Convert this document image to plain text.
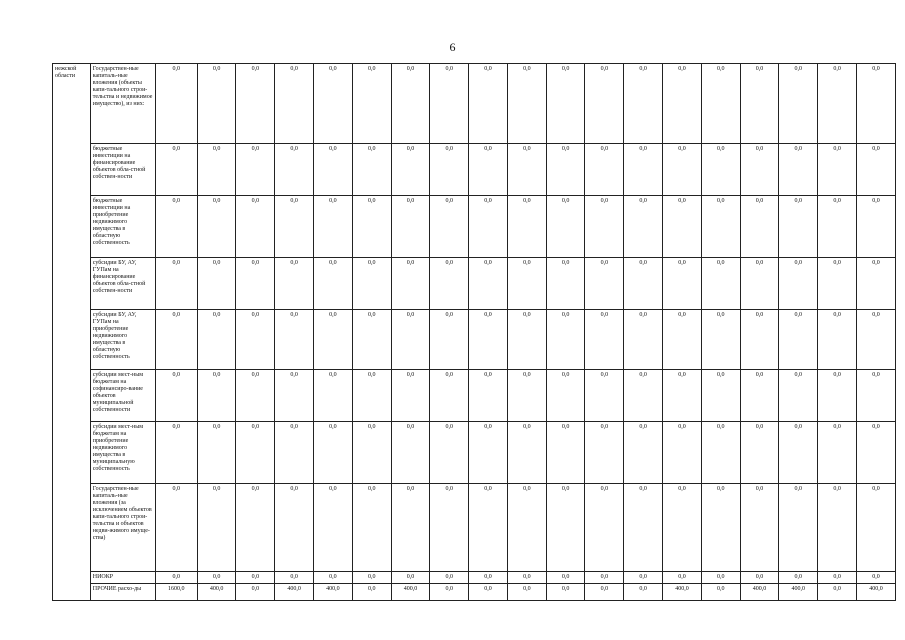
6
нежской области	Государствен-ные капиталь-ные вложения (объекты капи-тального строи-тельства и недвижимое имущество), из них:	0,0	0,0	0,0	0,0	0,0	0,0	0,0	0,0	0,0	0,0	0,0	0,0	0,0	0,0	0,0	0,0	0,0	0,0	0,0
	бюджетные инвестиции на финансирование объектов обла-стной собствен-ности	0,0	0,0	0,0	0,0	0,0	0,0	0,0	0,0	0,0	0,0	0,0	0,0	0,0	0,0	0,0	0,0	0,0	0,0	0,0
	бюджетные инвестиции на приобретение недвижимого имущества в областную собственность	0,0	0,0	0,0	0,0	0,0	0,0	0,0	0,0	0,0	0,0	0,0	0,0	0,0	0,0	0,0	0,0	0,0	0,0	0,0
	субсидии БУ, АУ, ГУПам на финансирование объектов обла-стной собствен-ности	0,0	0,0	0,0	0,0	0,0	0,0	0,0	0,0	0,0	0,0	0,0	0,0	0,0	0,0	0,0	0,0	0,0	0,0	0,0
	субсидии БУ, АУ, ГУПам на приобретение недвижимого имущества в областную собственность	0,0	0,0	0,0	0,0	0,0	0,0	0,0	0,0	0,0	0,0	0,0	0,0	0,0	0,0	0,0	0,0	0,0	0,0	0,0
	субсидии мест-ным бюджетам на софинансиро-вание объектов муниципальной собственности	0,0	0,0	0,0	0,0	0,0	0,0	0,0	0,0	0,0	0,0	0,0	0,0	0,0	0,0	0,0	0,0	0,0	0,0	0,0
	субсидии мест-ным бюджетам на приобретение недвижимого имущества в муниципальную собственность	0,0	0,0	0,0	0,0	0,0	0,0	0,0	0,0	0,0	0,0	0,0	0,0	0,0	0,0	0,0	0,0	0,0	0,0	0,0
	Государствен-ные капиталь-ные вложения (за исключением объектов капи-тального строи-тельства и объектов недви-жимого имуще-ства)	0,0	0,0	0,0	0,0	0,0	0,0	0,0	0,0	0,0	0,0	0,0	0,0	0,0	0,0	0,0	0,0	0,0	0,0	0,0
	НИОКР	0,0	0,0	0,0	0,0	0,0	0,0	0,0	0,0	0,0	0,0	0,0	0,0	0,0	0,0	0,0	0,0	0,0	0,0	0,0
	ПРОЧИЕ расхо-ды	1600,0	400,0	0,0	400,0	400,0	0,0	400,0	0,0	0,0	0,0	0,0	0,0	0,0	400,0	0,0	400,0	400,0	0,0	400,0
